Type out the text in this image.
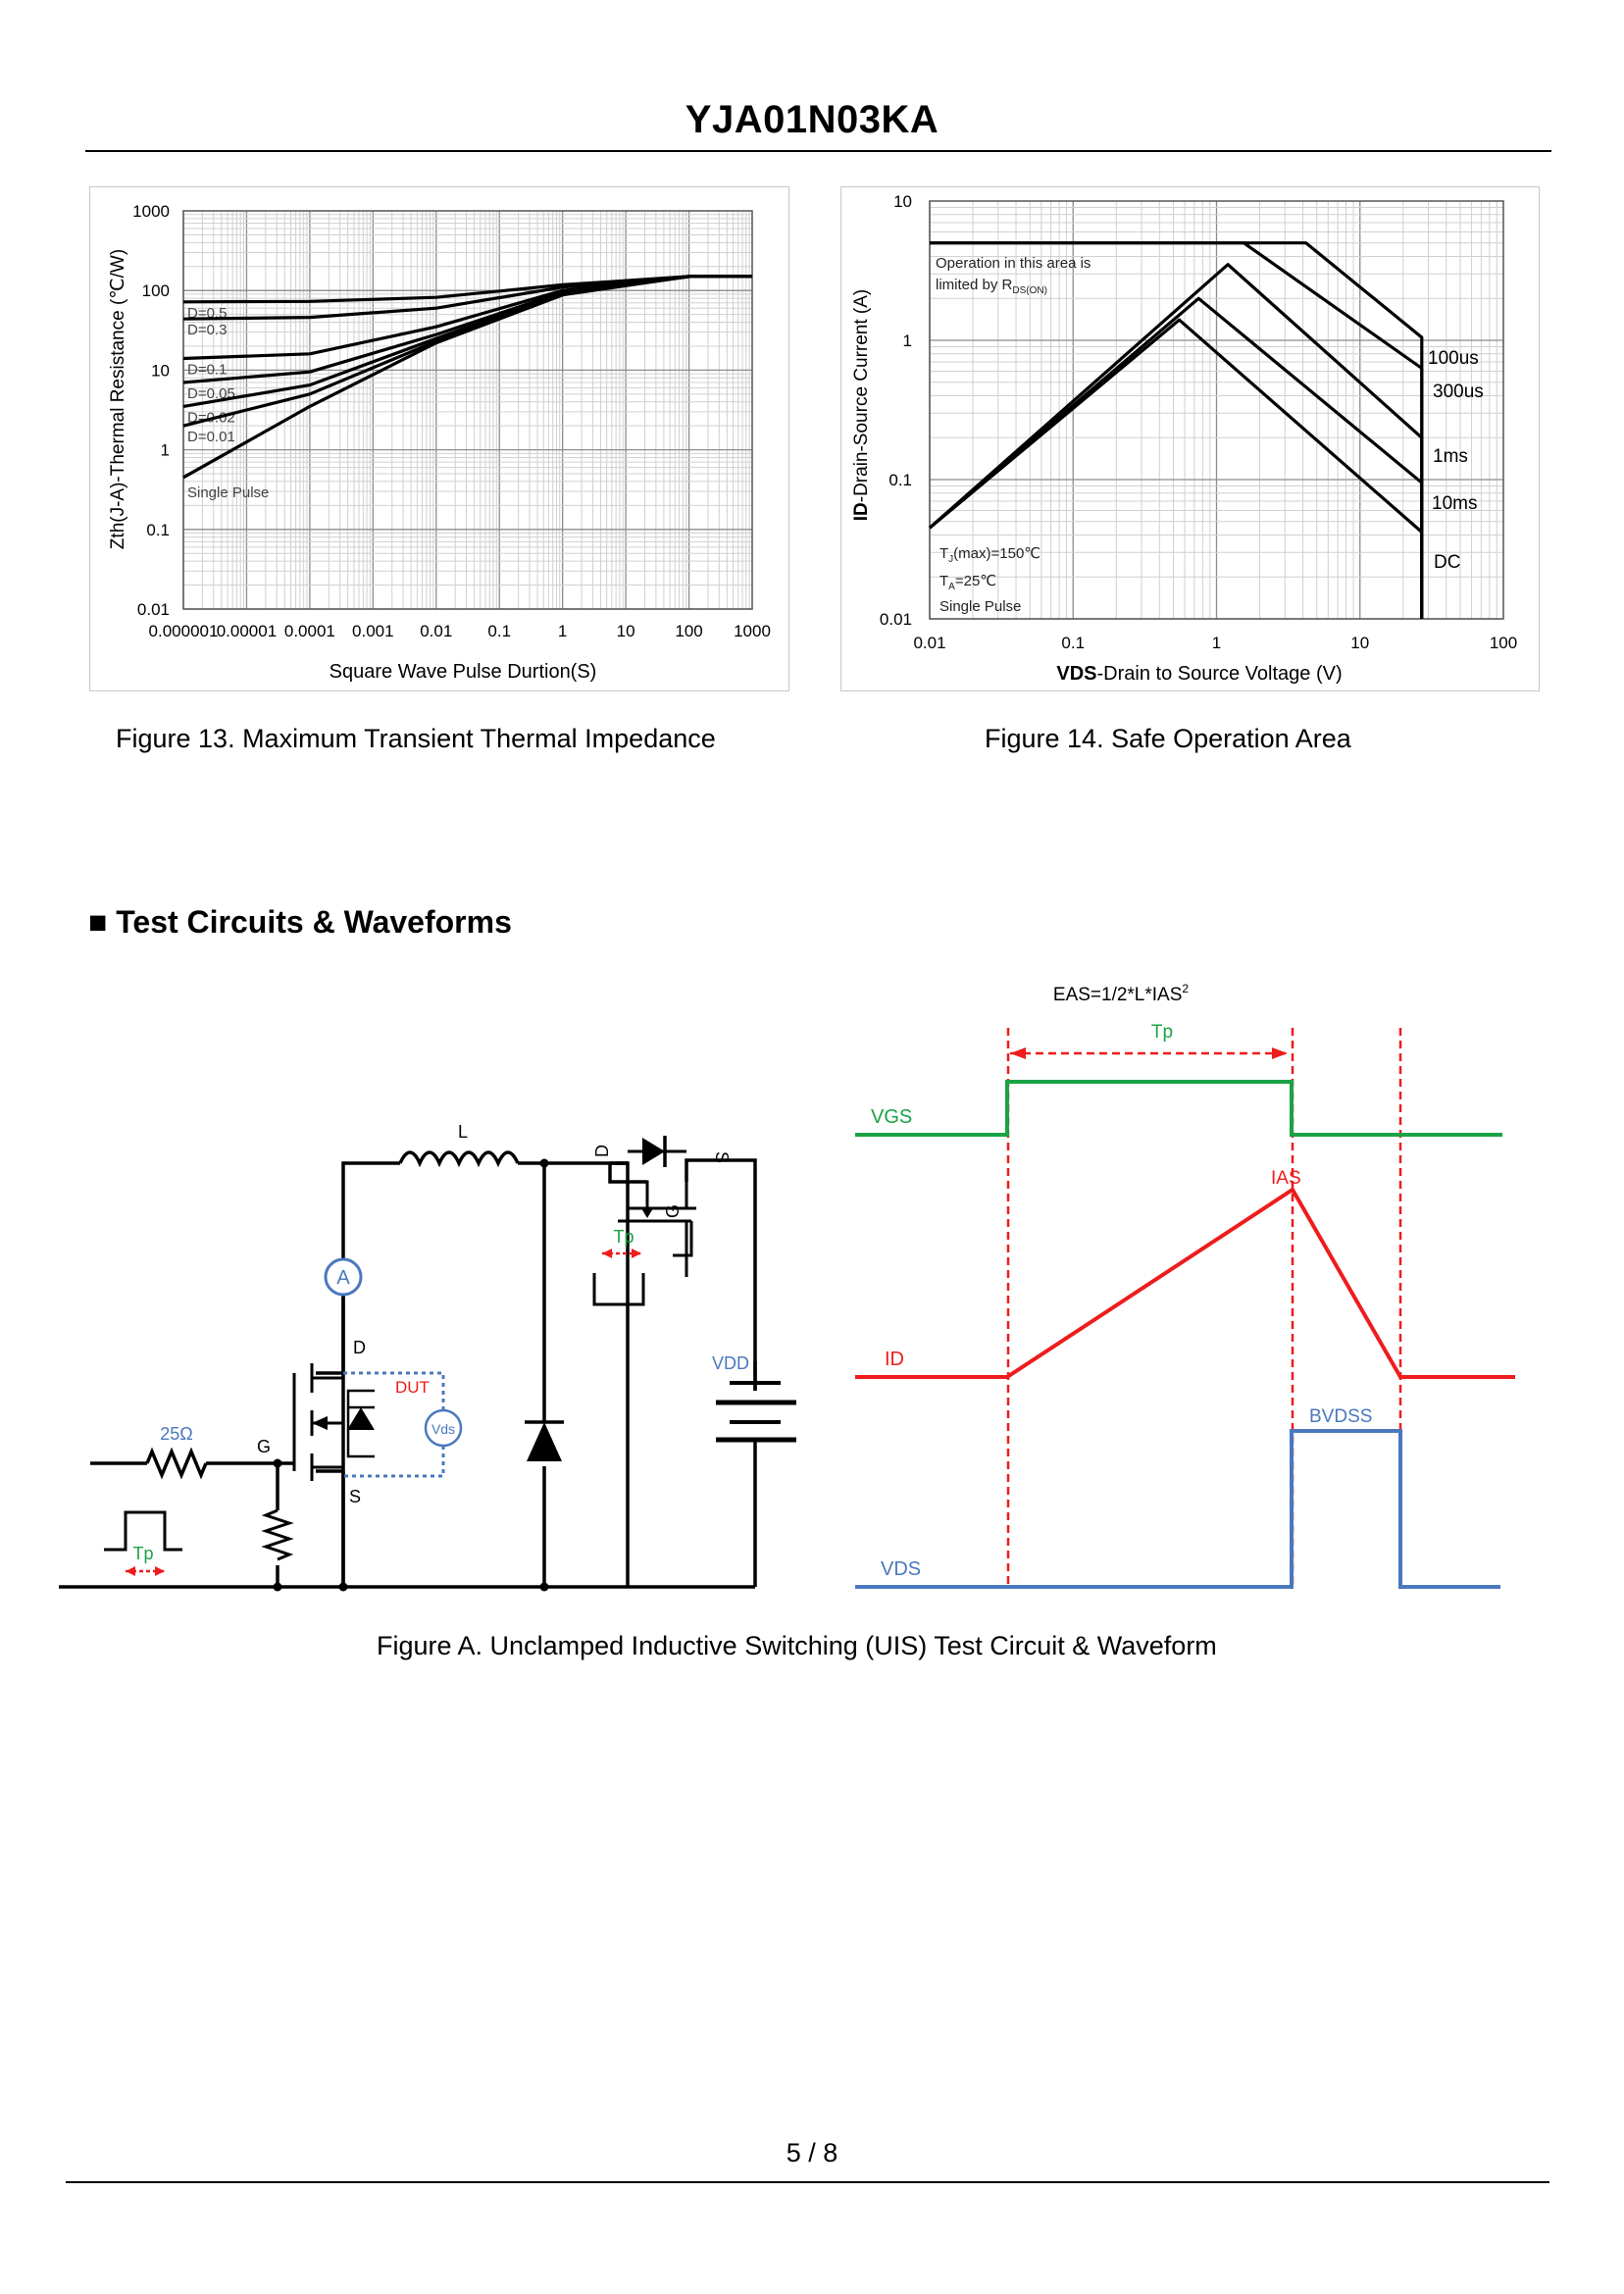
YJA01N03KA
D=0.5
D=0.3
D=0.1
D=0.05
D=0.02
D=0.01
Single Pulse
0.000001
0.00001 0.0001 0.001 0.01 0.1	1	10 100 1000
1000
100
10
1
0.1
0.01
Square Wave Pulse Durtion(S)
Zth(J-A)-Thermal Resistance (℃/W)	100us
300us
1ms
10ms
DC
0.01	0.1	1	10	100
10
1
0.1
0.01
Operation in this area is
limited by $R_{DS(ON)}$
$T_J(\max)=150℃$
$T_A=25℃$
Single Pulse
VDS-Drain to Source Voltage (V)
ID-Drain-Source Current (A)
Figure 13. Maximum Transient Thermal Impedance	Figure 14. Safe Operation Area
■ Test Circuits & Waveforms
L
A
Vds
DUT
D
G
S
25Ω
Tp
D
S
G
Tp
VDD
$EAS=1/2*L*IAS^2$
Tp
VGS
IAS
ID
BVDSS
VDS
Figure A. Unclamped Inductive Switching (UIS) Test Circuit & Waveform
5 / 8
